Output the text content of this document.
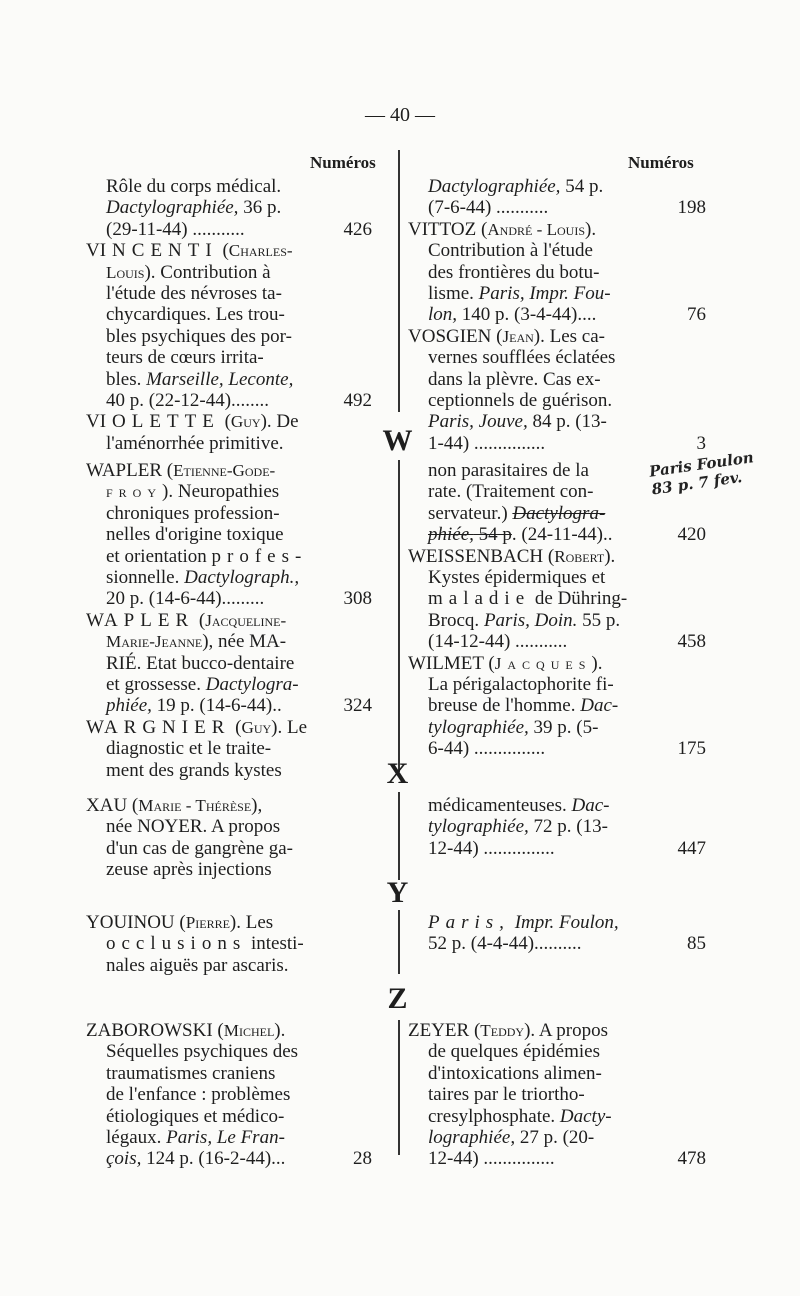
— 40 —
Numéros	Numéros
Rôle du corps médical.
Dactylographiée, 36 p.
(29-11-44) ...........	426
VINCENTI (Charles-
Louis). Contribution à
l'étude des névroses ta-
chycardiques. Les trou-
bles psychiques des por-
teurs de cœurs irrita-
bles. Marseille, Leconte,
40 p. (22-12-44)........	492
VIOLETTE (Guy). De
l'aménorrhée primitive.
Dactylographiée, 54 p.
(7-6-44) ...........	198
VITTOZ (André - Louis).
Contribution à l'étude
des frontières du botu-
lisme. Paris, Impr. Fou-
lon, 140 p. (3-4-44)....	76
VOSGIEN (Jean). Les ca-
vernes soufflées éclatées
dans la plèvre. Cas ex-
ceptionnels de guérison.
Paris, Jouve, 84 p. (13-
1-44) ...............	3
W
WAPLER (Etienne-Gode-
froy). Neuropathies
chroniques profession-
nelles d'origine toxique
et orientation profes-
sionnelle. Dactylograph.,
20 p. (14-6-44).........	308
WAPLER (Jacqueline-
Marie-Jeanne), née MA-
RIÉ. Etat bucco-dentaire
et grossesse. Dactylogra-
phiée, 19 p. (14-6-44)..	324
WARGNIER (Guy). Le
diagnostic et le traite-
ment des grands kystes
non parasitaires de la
rate. (Traitement con-
servateur.) Dactylogra-
phiée, 54 p. (24-11-44)..	420
WEISSENBACH (Robert).
Kystes épidermiques et
maladie de Dühring-
Brocq. Paris, Doin. 55 p.
(14-12-44) ...........	458
WILMET (Jacques).
La périgalactophorite fi-
breuse de l'homme. Dac-
tylographiée, 39 p. (5-
6-44) ...............	175
Paris Foulon 83 p. 7 fev.
X
XAU (Marie - Thérèse),
née NOYER. A propos
d'un cas de gangrène ga-
zeuse après injections
médicamenteuses. Dac-
tylographiée, 72 p. (13-
12-44) ...............	447
Y
YOUINOU (Pierre). Les
occlusions intesti-
nales aiguës par ascaris.
Paris, Impr. Foulon,
52 p. (4-4-44)..........	85
Z
ZABOROWSKI (Michel).
Séquelles psychiques des
traumatismes craniens
de l'enfance : problèmes
étiologiques et médico-
légaux. Paris, Le Fran-
çois, 124 p. (16-2-44)...	28
ZEYER (Teddy). A propos
de quelques épidémies
d'intoxications alimen-
taires par le triortho-
cresylphosphate. Dacty-
lographiée, 27 p. (20-
12-44) ...............	478
